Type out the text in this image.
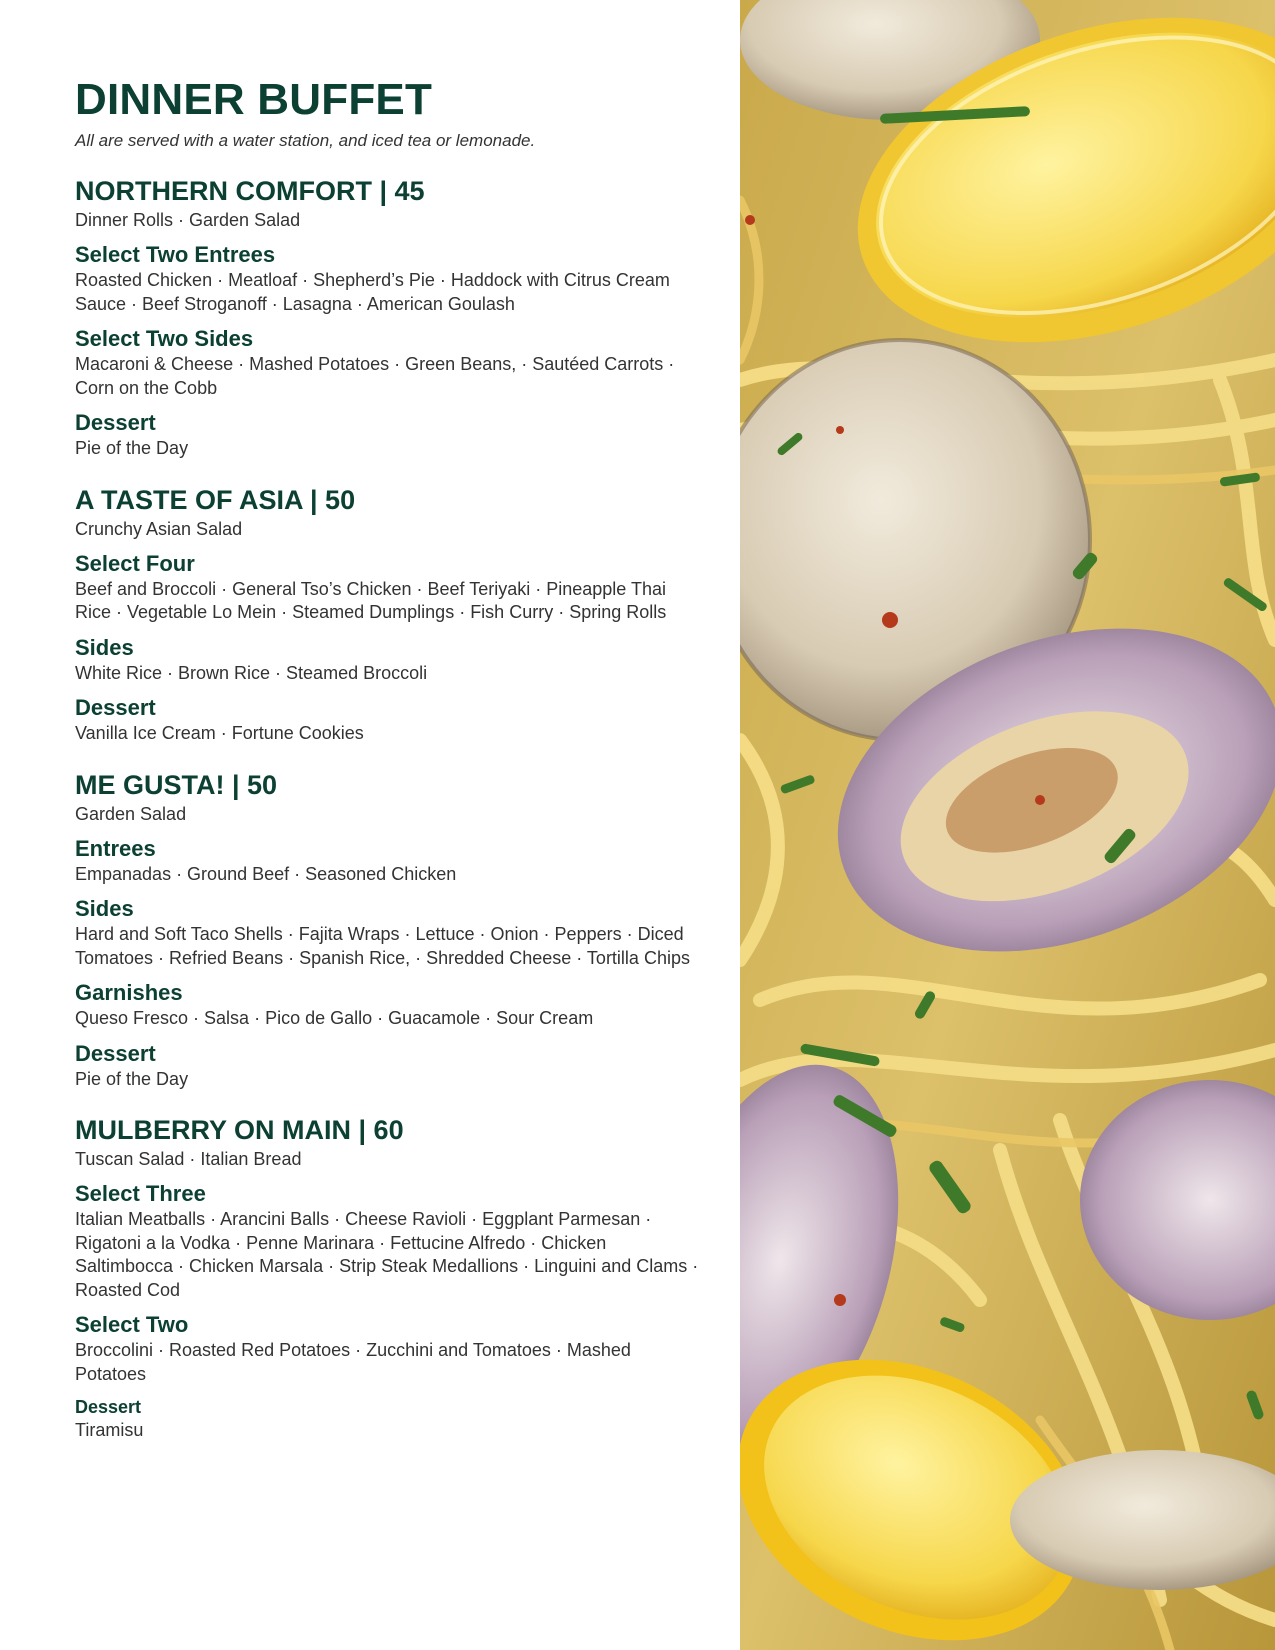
DINNER BUFFET

All are served with a water station, and iced tea or lemonade.

NORTHERN COMFORT | 45

Dinner Rolls · Garden Salad

Select Two Entrees

Roasted Chicken · Meatloaf · Shepherd’s Pie · Haddock with Citrus Cream Sauce · Beef Stroganoff · Lasagna · American Goulash

Select Two Sides

Macaroni & Cheese · Mashed Potatoes · Green Beans, · Sautéed Carrots · Corn on the Cobb

Dessert

Pie of the Day

A TASTE OF ASIA | 50

Crunchy Asian Salad

Select Four

Beef and Broccoli · General Tso’s Chicken · Beef Teriyaki · Pineapple Thai Rice · Vegetable Lo Mein · Steamed Dumplings · Fish Curry · Spring Rolls

Sides

White Rice · Brown Rice · Steamed Broccoli

Dessert

Vanilla Ice Cream · Fortune Cookies

ME GUSTA! | 50

Garden Salad

Entrees

Empanadas · Ground Beef · Seasoned Chicken

Sides

Hard and Soft Taco Shells · Fajita Wraps · Lettuce · Onion · Peppers · Diced Tomatoes · Refried Beans · Spanish Rice, · Shredded Cheese · Tortilla Chips

Garnishes

Queso Fresco · Salsa · Pico de Gallo · Guacamole · Sour Cream

Dessert

Pie of the Day

MULBERRY ON MAIN | 60

Tuscan Salad · Italian Bread

Select Three

Italian Meatballs · Arancini Balls · Cheese Ravioli · Eggplant Parmesan · Rigatoni a la Vodka · Penne Marinara · Fettucine Alfredo · Chicken Saltimbocca · Chicken Marsala · Strip Steak Medallions · Linguini and Clams · Roasted Cod

Select Two

Broccolini · Roasted Red Potatoes · Zucchini and Tomatoes · Mashed Potatoes

Dessert

Tiramisu
